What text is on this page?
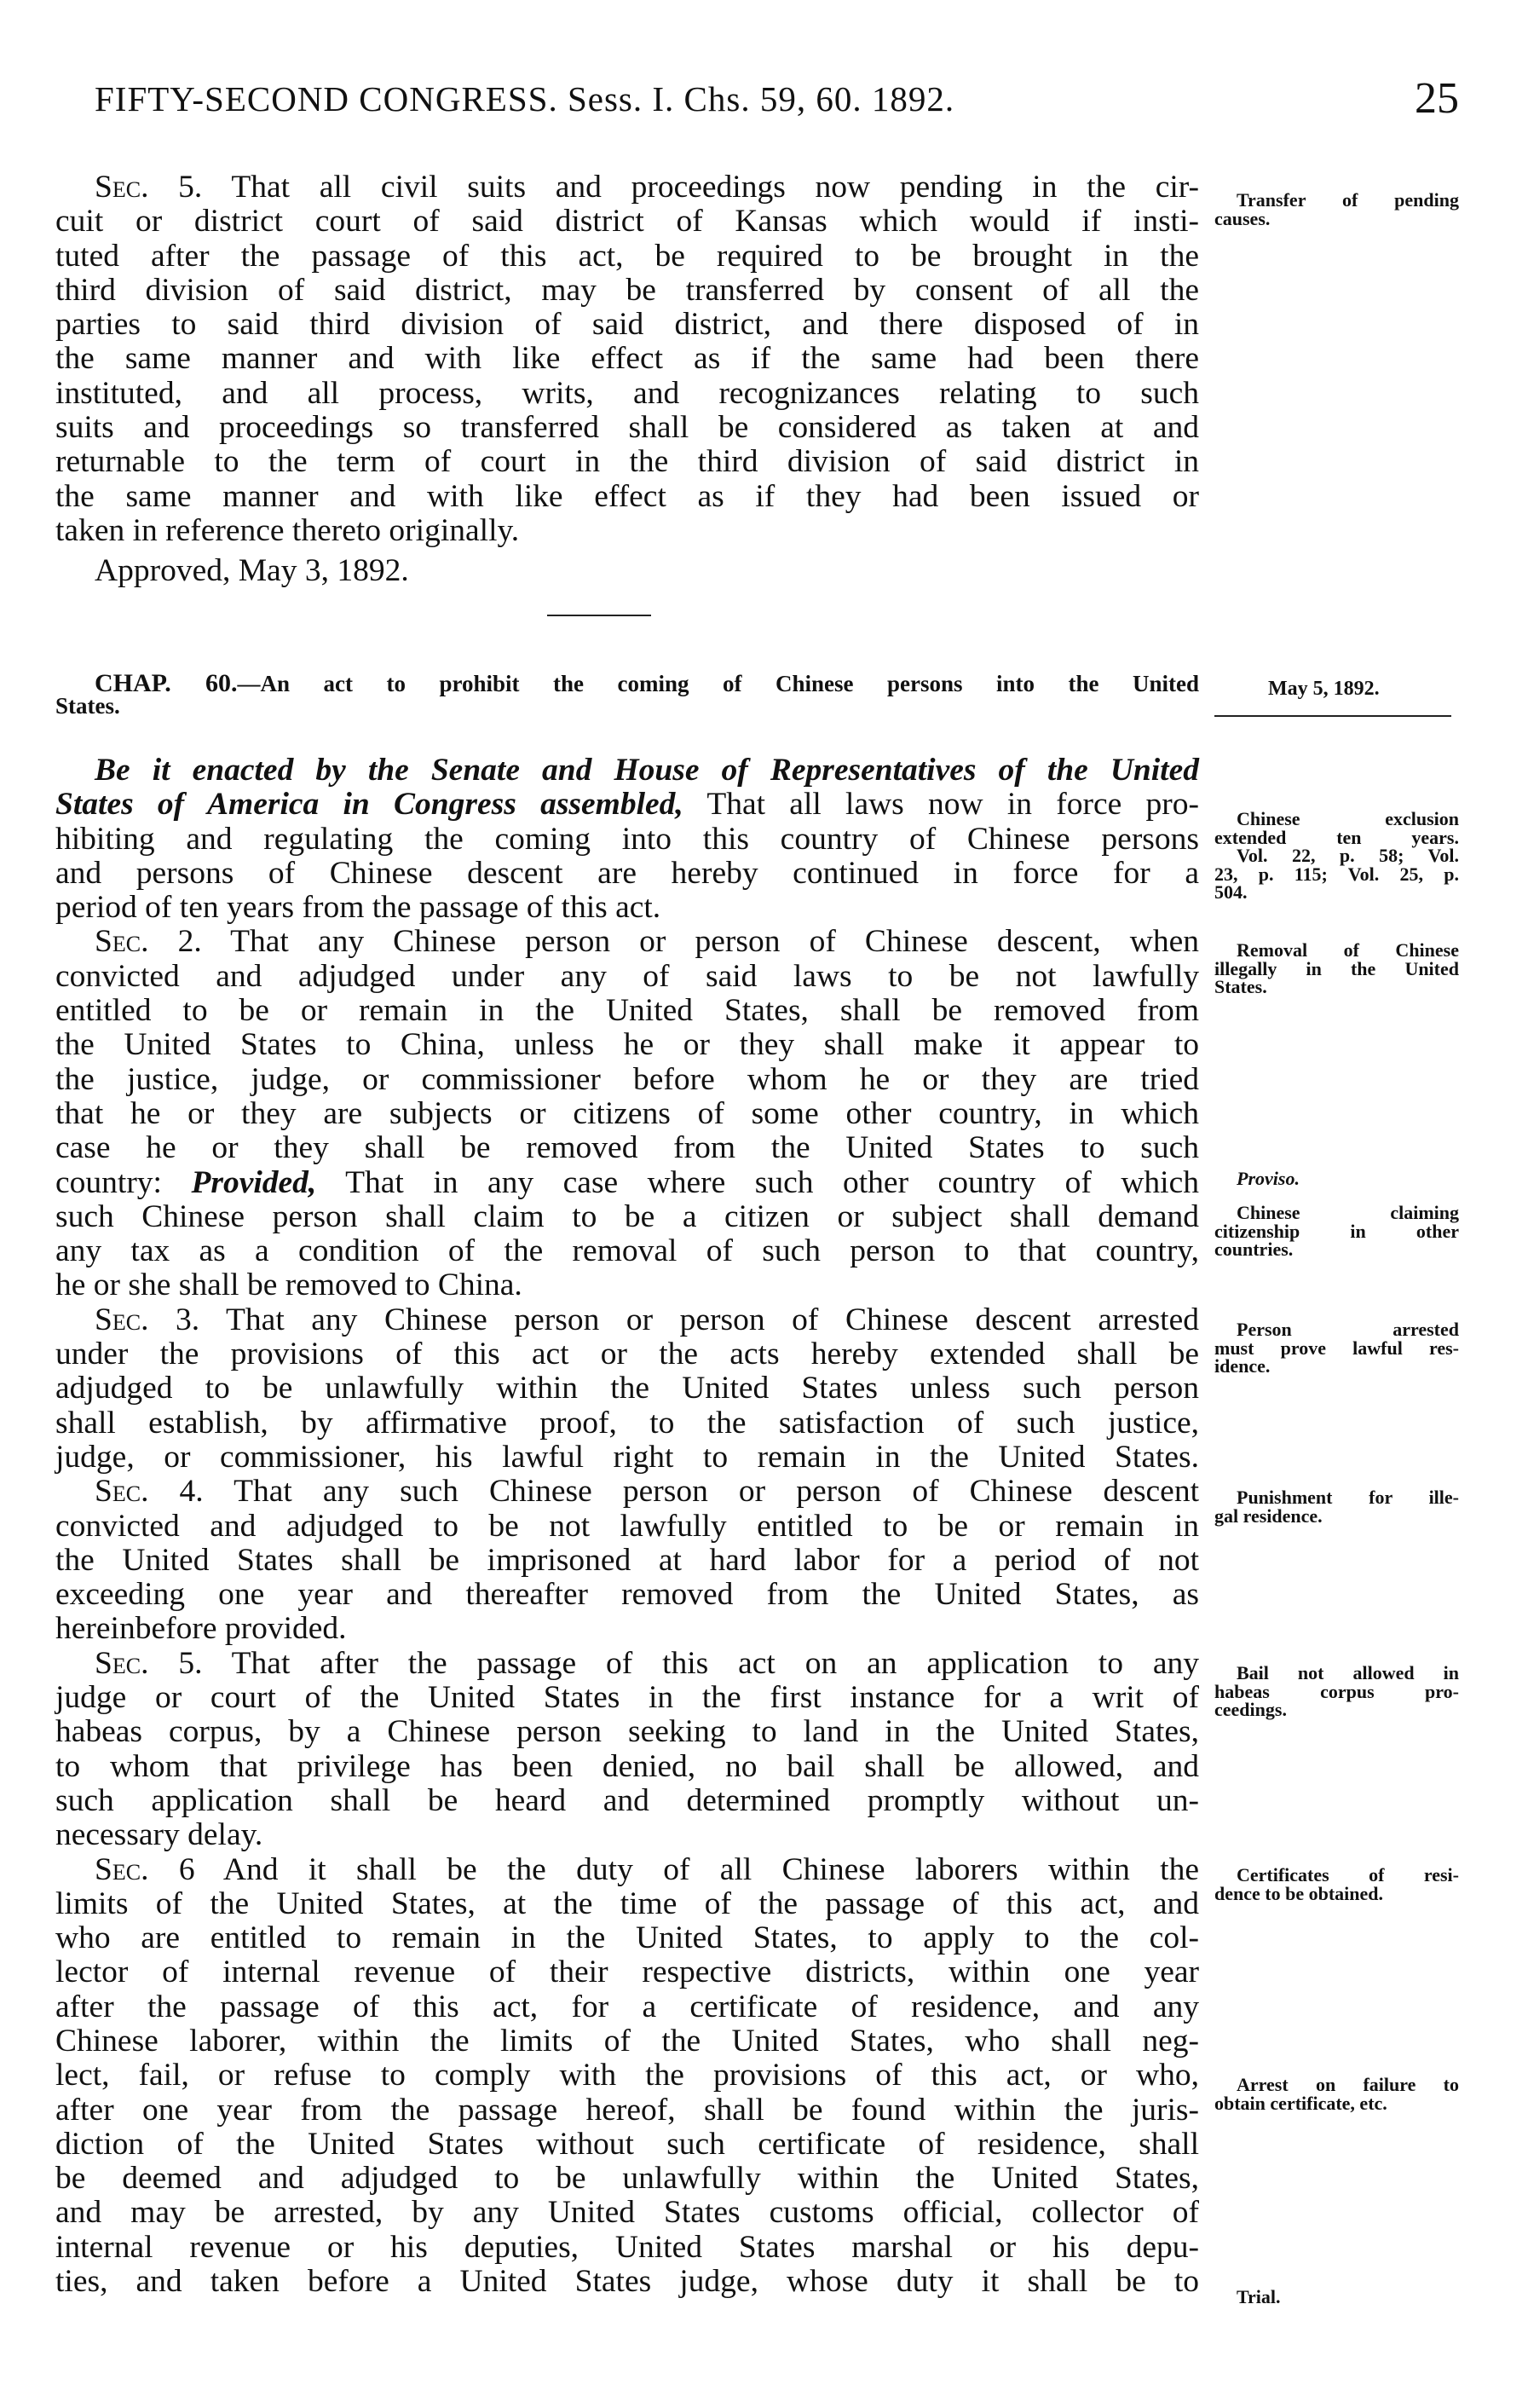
FIFTY-SECOND CONGRESS. Sess. I. Chs. 59, 60. 1892.	25
Sec. 5. That all civil suits and proceedings now pending in the cir-
cuit or district court of said district of Kansas which would if insti-
tuted after the passage of this act, be required to be brought in the
third division of said district, may be transferred by consent of all the
parties to said third division of said district, and there disposed of in
the same manner and with like effect as if the same had been there
instituted, and all process, writs, and recognizances relating to such
suits and proceedings so transferred shall be considered as taken at and
returnable to the term of court in the third division of said district in
the same manner and with like effect as if they had been issued or
taken in reference thereto originally.
Approved, May 3, 1892.
CHAP. 60.—An act to prohibit the coming of Chinese persons into the United
States.
May 5, 1892.
Be it enacted by the Senate and House of Representatives of the United
States of America in Congress assembled, That all laws now in force pro-
hibiting and regulating the coming into this country of Chinese persons
and persons of Chinese descent are hereby continued in force for a
period of ten years from the passage of this act.
Sec. 2. That any Chinese person or person of Chinese descent, when
convicted and adjudged under any of said laws to be not lawfully
entitled to be or remain in the United States, shall be removed from
the United States to China, unless he or they shall make it appear to
the justice, judge, or commissioner before whom he or they are tried
that he or they are subjects or citizens of some other country, in which
case he or they shall be removed from the United States to such
country: Provided, That in any case where such other country of which
such Chinese person shall claim to be a citizen or subject shall demand
any tax as a condition of the removal of such person to that country,
he or she shall be removed to China.
Sec. 3. That any Chinese person or person of Chinese descent arrested
under the provisions of this act or the acts hereby extended shall be
adjudged to be unlawfully within the United States unless such person
shall establish, by affirmative proof, to the satisfaction of such justice,
judge, or commissioner, his lawful right to remain in the United States.
Sec. 4. That any such Chinese person or person of Chinese descent
convicted and adjudged to be not lawfully entitled to be or remain in
the United States shall be imprisoned at hard labor for a period of not
exceeding one year and thereafter removed from the United States, as
hereinbefore provided.
Sec. 5. That after the passage of this act on an application to any
judge or court of the United States in the first instance for a writ of
habeas corpus, by a Chinese person seeking to land in the United States,
to whom that privilege has been denied, no bail shall be allowed, and
such application shall be heard and determined promptly without un-
necessary delay.
Sec. 6 And it shall be the duty of all Chinese laborers within the
limits of the United States, at the time of the passage of this act, and
who are entitled to remain in the United States, to apply to the col-
lector of internal revenue of their respective districts, within one year
after the passage of this act, for a certificate of residence, and any
Chinese laborer, within the limits of the United States, who shall neg-
lect, fail, or refuse to comply with the provisions of this act, or who,
after one year from the passage hereof, shall be found within the juris-
diction of the United States without such certificate of residence, shall
be deemed and adjudged to be unlawfully within the United States,
and may be arrested, by any United States customs official, collector of
internal revenue or his deputies, United States marshal or his depu-
ties, and taken before a United States judge, whose duty it shall be to
Transfer of pending
causes.
Chinese exclusion
extended ten years.
Vol. 22, p. 58; Vol.
23, p. 115; Vol. 25, p.
504.
Removal of Chinese
illegally in the United
States.
Proviso.
Chinese claiming
citizenship in other
countries.
Person arrested
must prove lawful res-
idence.
Punishment for ille-
gal residence.
Bail not allowed in
habeas corpus pro-
ceedings.
Certificates of resi-
dence to be obtained.
Arrest on failure to
obtain certificate, etc.
Trial.
